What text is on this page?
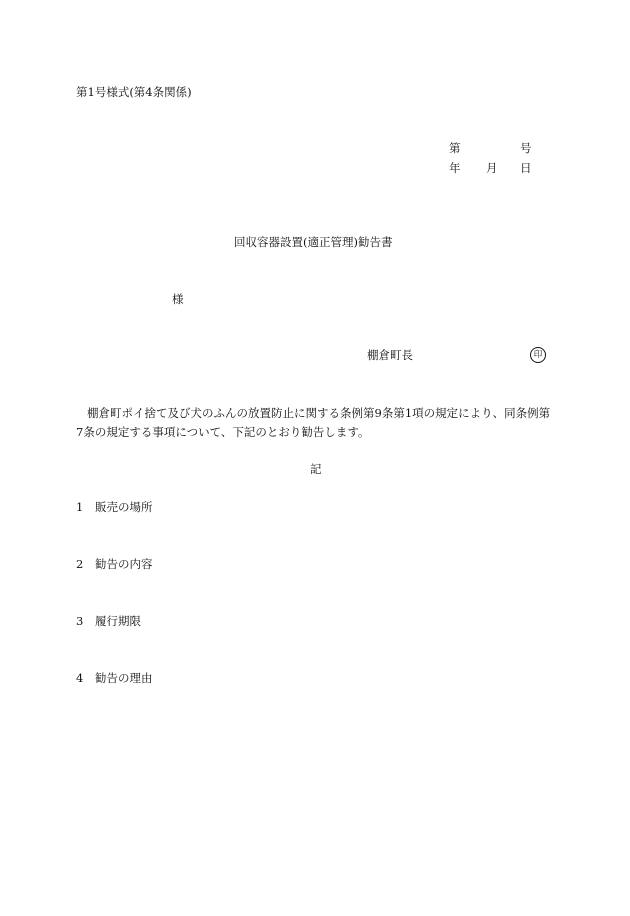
第1号様式(第4条関係)
第	号
年 月 日
回収容器設置(適正管理)勧告書
様
棚倉町長	印
棚倉町ポイ捨て及び犬のふんの放置防止に関する条例第9条第1項の規定により、同条例第7条の規定する事項について、下記のとおり勧告します。
記
1 販売の場所
2 勧告の内容
3 履行期限
4 勧告の理由
